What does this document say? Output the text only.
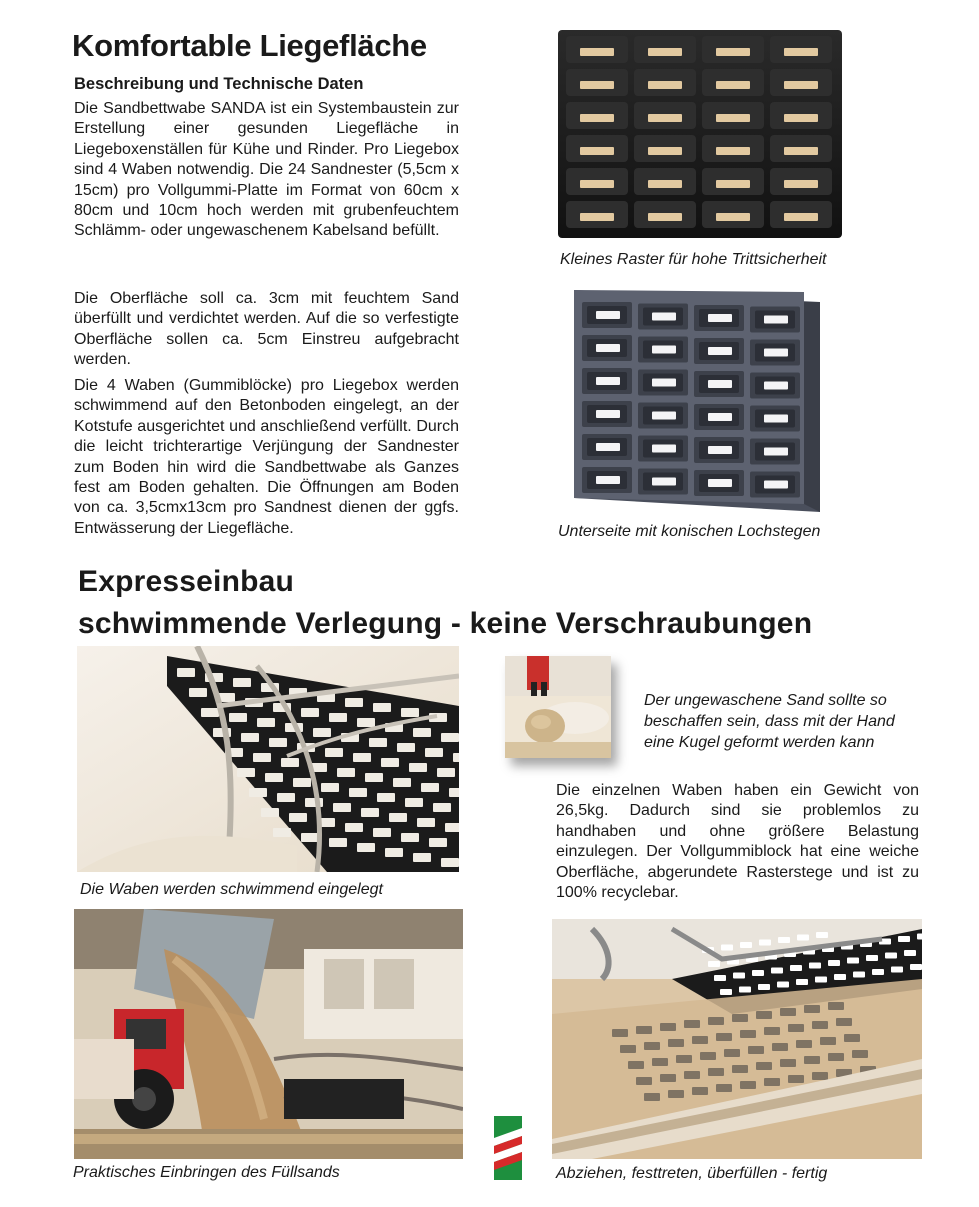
Komfortable Liegefläche
Beschreibung und Technische Daten

Die Sandbettwabe SANDA ist ein Systembaustein zur Erstellung einer gesunden Liegefläche in Liegeboxenställen für Kühe und Rinder. Pro Liegebox sind 4 Waben notwendig. Die 24 Sandnester (5,5cm x 15cm) pro Vollgummi-Platte im Format von 60cm x 80cm und 10cm hoch werden mit grubenfeuchtem Schlämm- oder ungewaschenem Kabelsand befüllt.

Die Oberfläche soll ca. 3cm mit feuchtem Sand überfüllt und verdichtet werden. Auf die so verfestigte Oberfläche sollen ca. 5cm Einstreu aufgebracht werden.

Die 4 Waben (Gummiblöcke) pro Liegebox werden schwimmend auf den Betonboden eingelegt, an der Kotstufe ausgerichtet und anschließend verfüllt. Durch die leicht trichterartige Verjüngung der Sandnester zum Boden hin wird die Sandbettwabe als Ganzes fest am Boden gehalten. Die Öffnungen am Boden von ca. 3,5cmx13cm pro Sandnest dienen der ggfs. Entwässerung der Liegefläche.

Kleines Raster für hohe Trittsicherheit
Unterseite mit konischen Lochstegen
Expresseinbau
schwimmende Verlegung - keine Verschraubungen
Die Waben werden schwimmend eingelegt
Der ungewaschene Sand sollte so
beschaffen sein, dass mit der Hand
eine Kugel geformt werden kann

Die einzelnen Waben haben ein Gewicht von 26,5kg. Dadurch sind sie problemlos zu handhaben und ohne größere Belastung einzulegen. Der Vollgummiblock hat eine weiche Oberfläche, abgerundete Rasterstege und ist zu 100% recyclebar.

Praktisches Einbringen des Füllsands	Abziehen, festtreten, überfüllen - fertig
